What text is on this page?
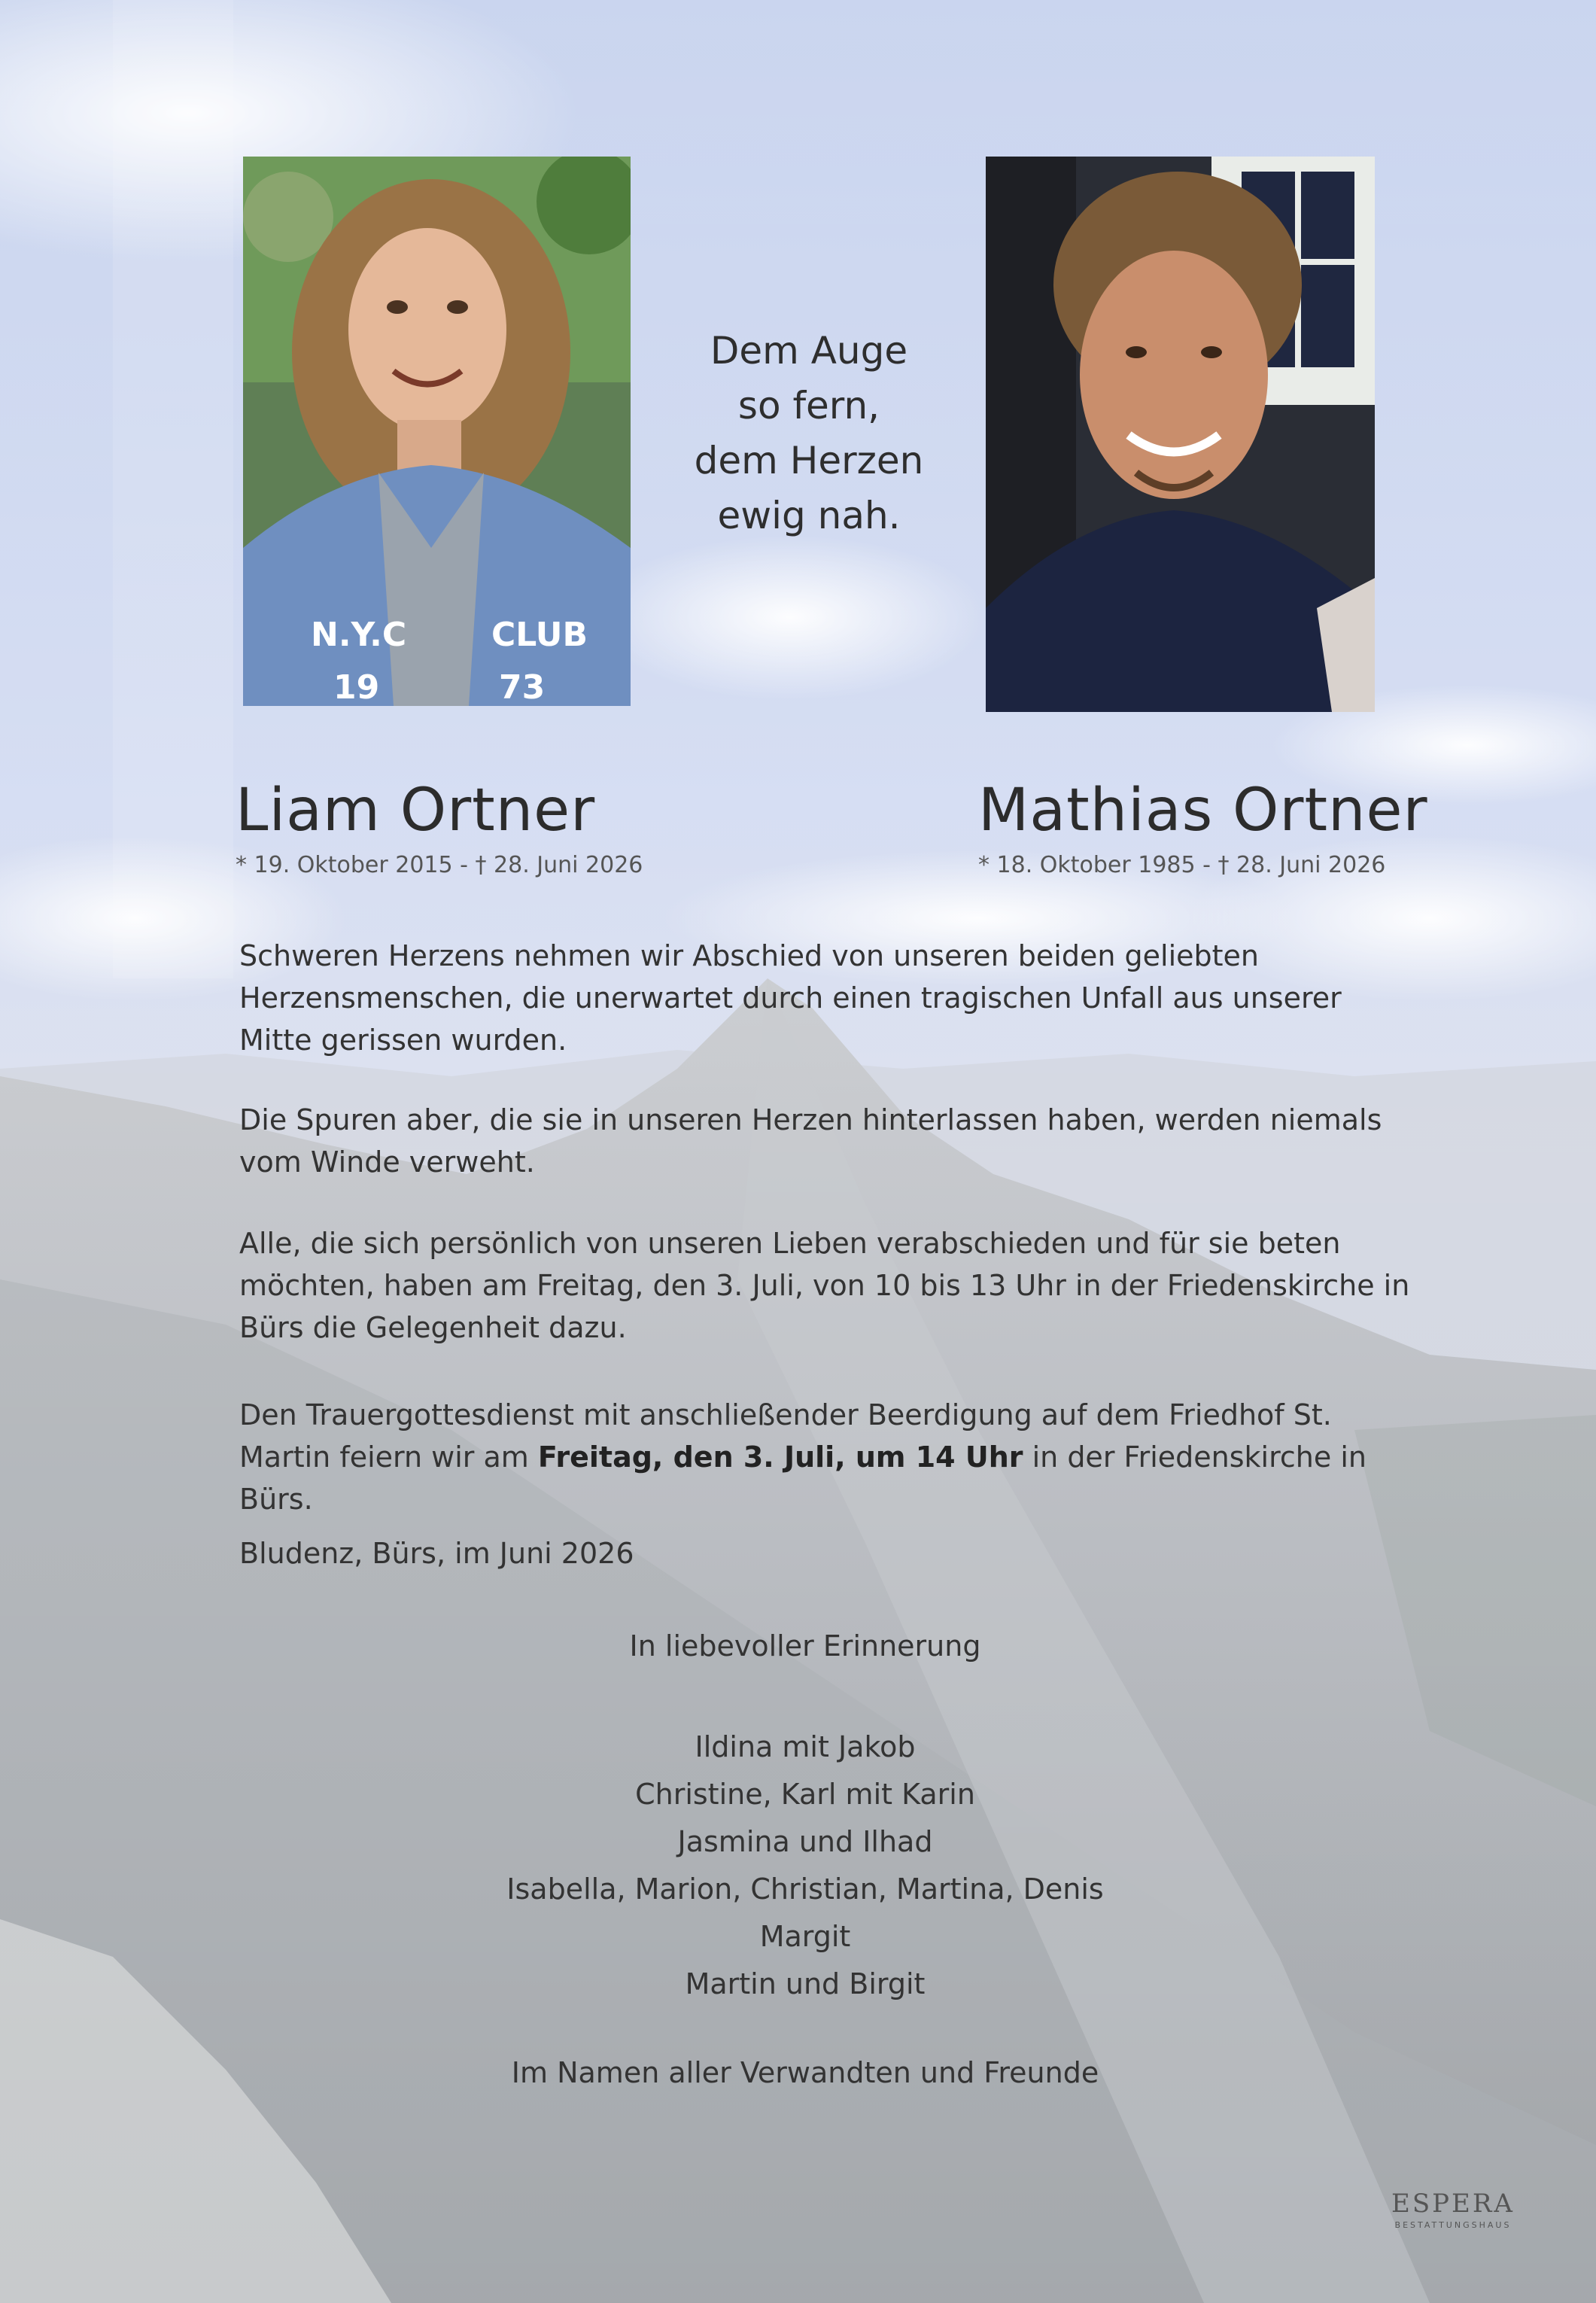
N.Y.C	CLUB
19	73
Dem Auge
so fern,
dem Herzen
ewig nah.
Liam Ortner
* 19. Oktober 2015 - † 28. Juni 2026
Mathias Ortner
* 18. Oktober 1985 - † 28. Juni 2026

Schweren Herzens nehmen wir Abschied von unseren beiden geliebten Herzensmenschen, die unerwartet durch einen tragischen Unfall aus unserer Mitte gerissen wurden.

Die Spuren aber, die sie in unseren Herzen hinterlassen haben, werden niemals vom Winde verweht.

Alle, die sich persönlich von unseren Lieben verabschieden und für sie beten möchten, haben am Freitag, den 3. Juli, von 10 bis 13 Uhr in der Friedenskirche in Bürs die Gelegenheit dazu.

Den Trauergottesdienst mit anschließender Beerdigung auf dem Friedhof St. Martin feiern wir am Freitag, den 3. Juli, um 14 Uhr in der Friedenskirche in Bürs.

Bludenz, Bürs, im Juni 2026

In liebevoller Erinnerung
Ildina mit Jakob
Christine, Karl mit Karin
Jasmina und Ilhad
Isabella, Marion, Christian, Martina, Denis
Margit
Martin und Birgit
Im Namen aller Verwandten und Freunde
ESPERA
BESTATTUNGSHAUS
